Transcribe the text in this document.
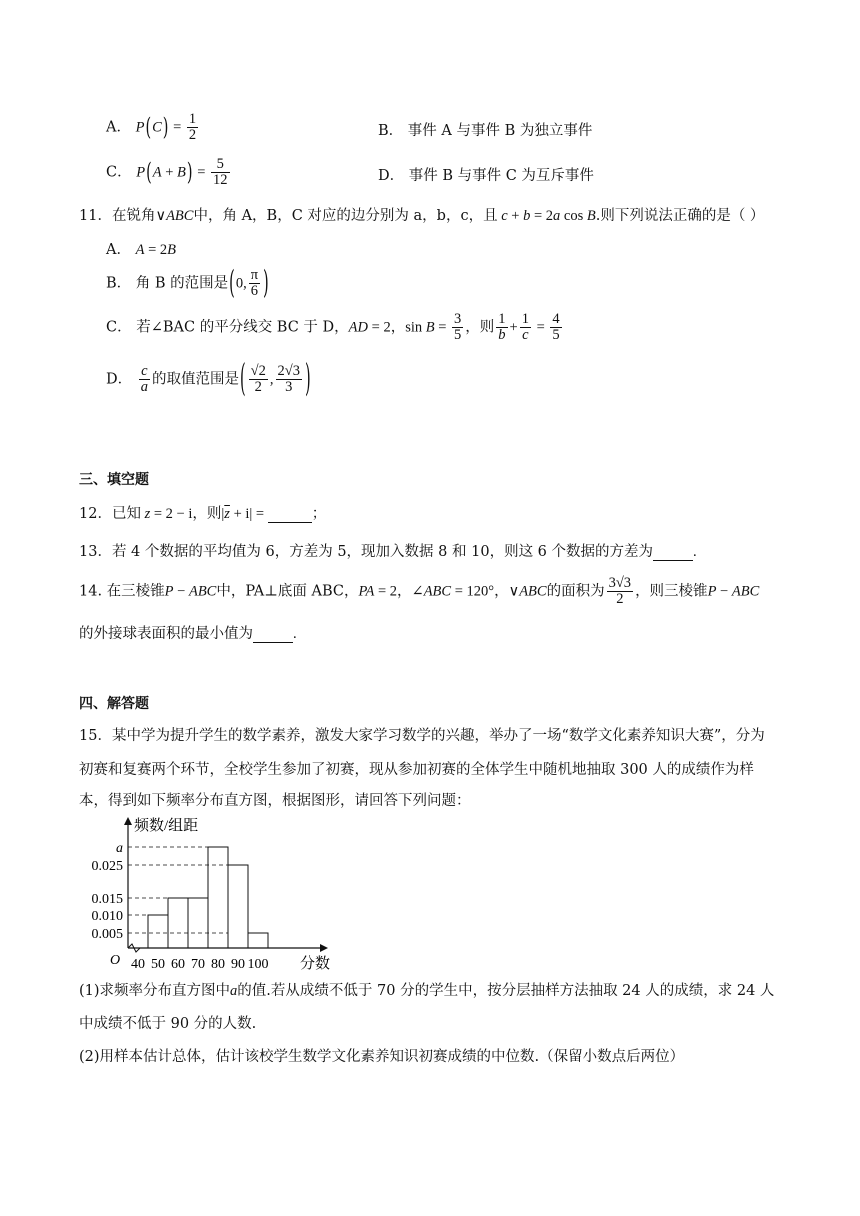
A． $P(C) = \frac{1}{2}$	B． 事件 A 与事件 B 为独立事件
C． $P(A + B) = \frac{5}{12}$	D． 事件 B 与事件 C 为互斥事件
11．在锐角∨ABC中，角 A，B，C 对应的边分别为 a，b，c，且 c + b = 2a cos B.则下列说法正确的是（ ）
A． A = 2B
B． 角 B 的范围是(0, $\frac{\pi}{6}$ )
C． 若∠BAC 的平分线交 BC 于 D，AD = 2，$\sin B = \frac{3}{5}$ ，则 $\frac{1}{b} + \frac{1}{c} = \frac{4}{5}$
D． $\frac{c}{a}$ 的取值范围是( $\frac{√2}{2}$ , $\frac{2√3}{3}$ )
三、填空题
12．已知 z = 2 − i，则$|\overline{z} + i|$ =	；
13．若 4 个数据的平均值为 6，方差为 5，现加入数据 8 和 10，则这 6 个数据的方差为	.
14. 在三棱锥P − ABC中，PA⊥底面 ABC，PA = 2，∠ABC = 120°，∨ABC的面积为 $\frac{3√3}{2}$ ，则三棱锥P − ABC
的外接球表面积的最小值为	.
四、解答题
15．某中学为提升学生的数学素养，激发大家学习数学的兴趣，举办了一场“数学文化素养知识大赛”，分为
初赛和复赛两个环节，全校学生参加了初赛，现从参加初赛的全体学生中随机地抽取 300 人的成绩作为样
本，得到如下频率分布直方图，根据图形，请回答下列问题：
频数/组距
分数
O
a
0.025
0.015
0.010
0.005
40 50 60 70 80 90 100
(1)求频率分布直方图中a的值.若从成绩不低于 70 分的学生中，按分层抽样方法抽取 24 人的成绩，求 24 人
中成绩不低于 90 分的人数.
(2)用样本估计总体，估计该校学生数学文化素养知识初赛成绩的中位数.（保留小数点后两位）
